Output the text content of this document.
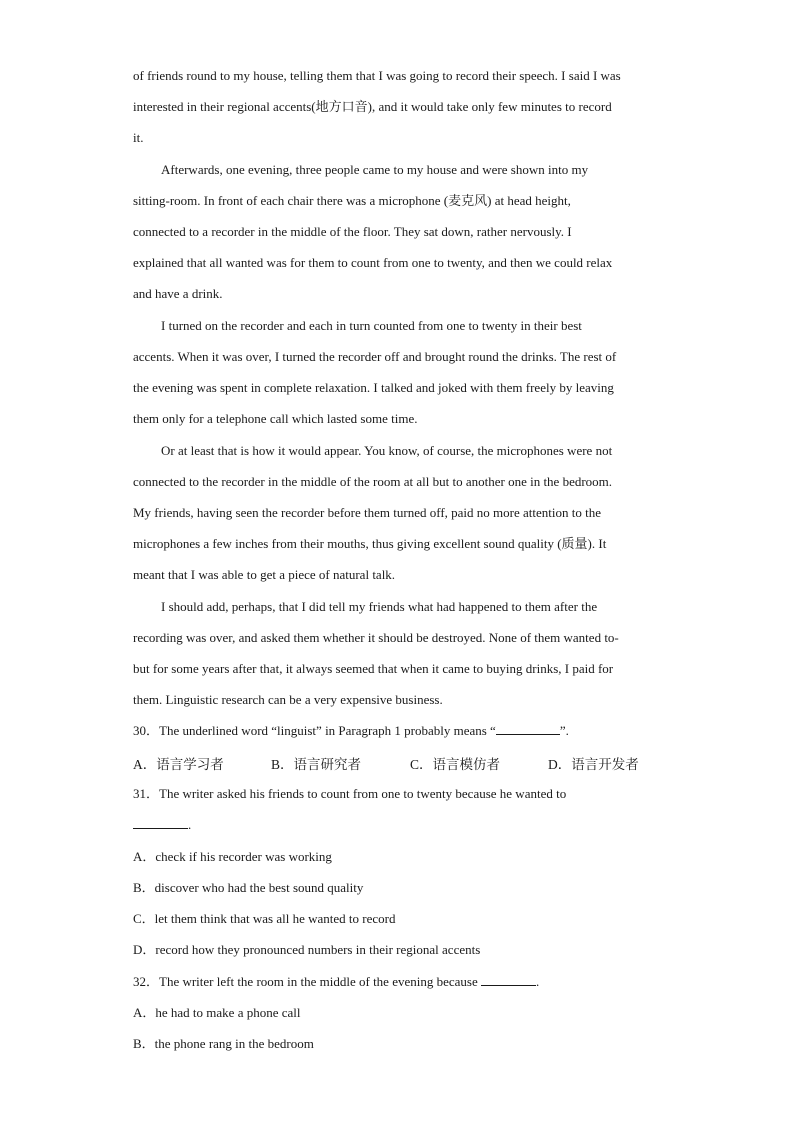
of friends round to my house, telling them that I was going to record their speech. I said I was
interested in their regional accents(地方口音), and it would take only few minutes to record
it.
Afterwards, one evening, three people came to my house and were shown into my
sitting-room. In front of each chair there was a microphone (麦克风) at head height,
connected to a recorder in the middle of the floor. They sat down, rather nervously. I
explained that all wanted was for them to count from one to twenty, and then we could relax
and have a drink.
I turned on the recorder and each in turn counted from one to twenty in their best
accents. When it was over, I turned the recorder off and brought round the drinks. The rest of
the evening was spent in complete relaxation. I talked and joked with them freely by leaving
them only for a telephone call which lasted some time.
Or at least that is how it would appear. You know, of course, the microphones were not
connected to the recorder in the middle of the room at all but to another one in the bedroom.
My friends, having seen the recorder before them turned off, paid no more attention to the
microphones a few inches from their mouths, thus giving excellent sound quality (质量). It
meant that I was able to get a piece of natural talk.
I should add, perhaps, that I did tell my friends what had happened to them after the
recording was over, and asked them whether it should be destroyed. None of them wanted to-
but for some years after that, it always seemed that when it came to buying drinks, I paid for
them. Linguistic research can be a very expensive business.
30．The underlined word “linguist” in Paragraph 1 probably means “	”.
A．语言学习者	B．语言研究者	C．语言模仿者	D．语言开发者
31．The writer asked his friends to count from one to twenty because he wanted to
.
A．check if his recorder was working
B．discover who had the best sound quality
C．let them think that was all he wanted to record
D．record how they pronounced numbers in their regional accents
32．The writer left the room in the middle of the evening because	.
A．he had to make a phone call
B．the phone rang in the bedroom
